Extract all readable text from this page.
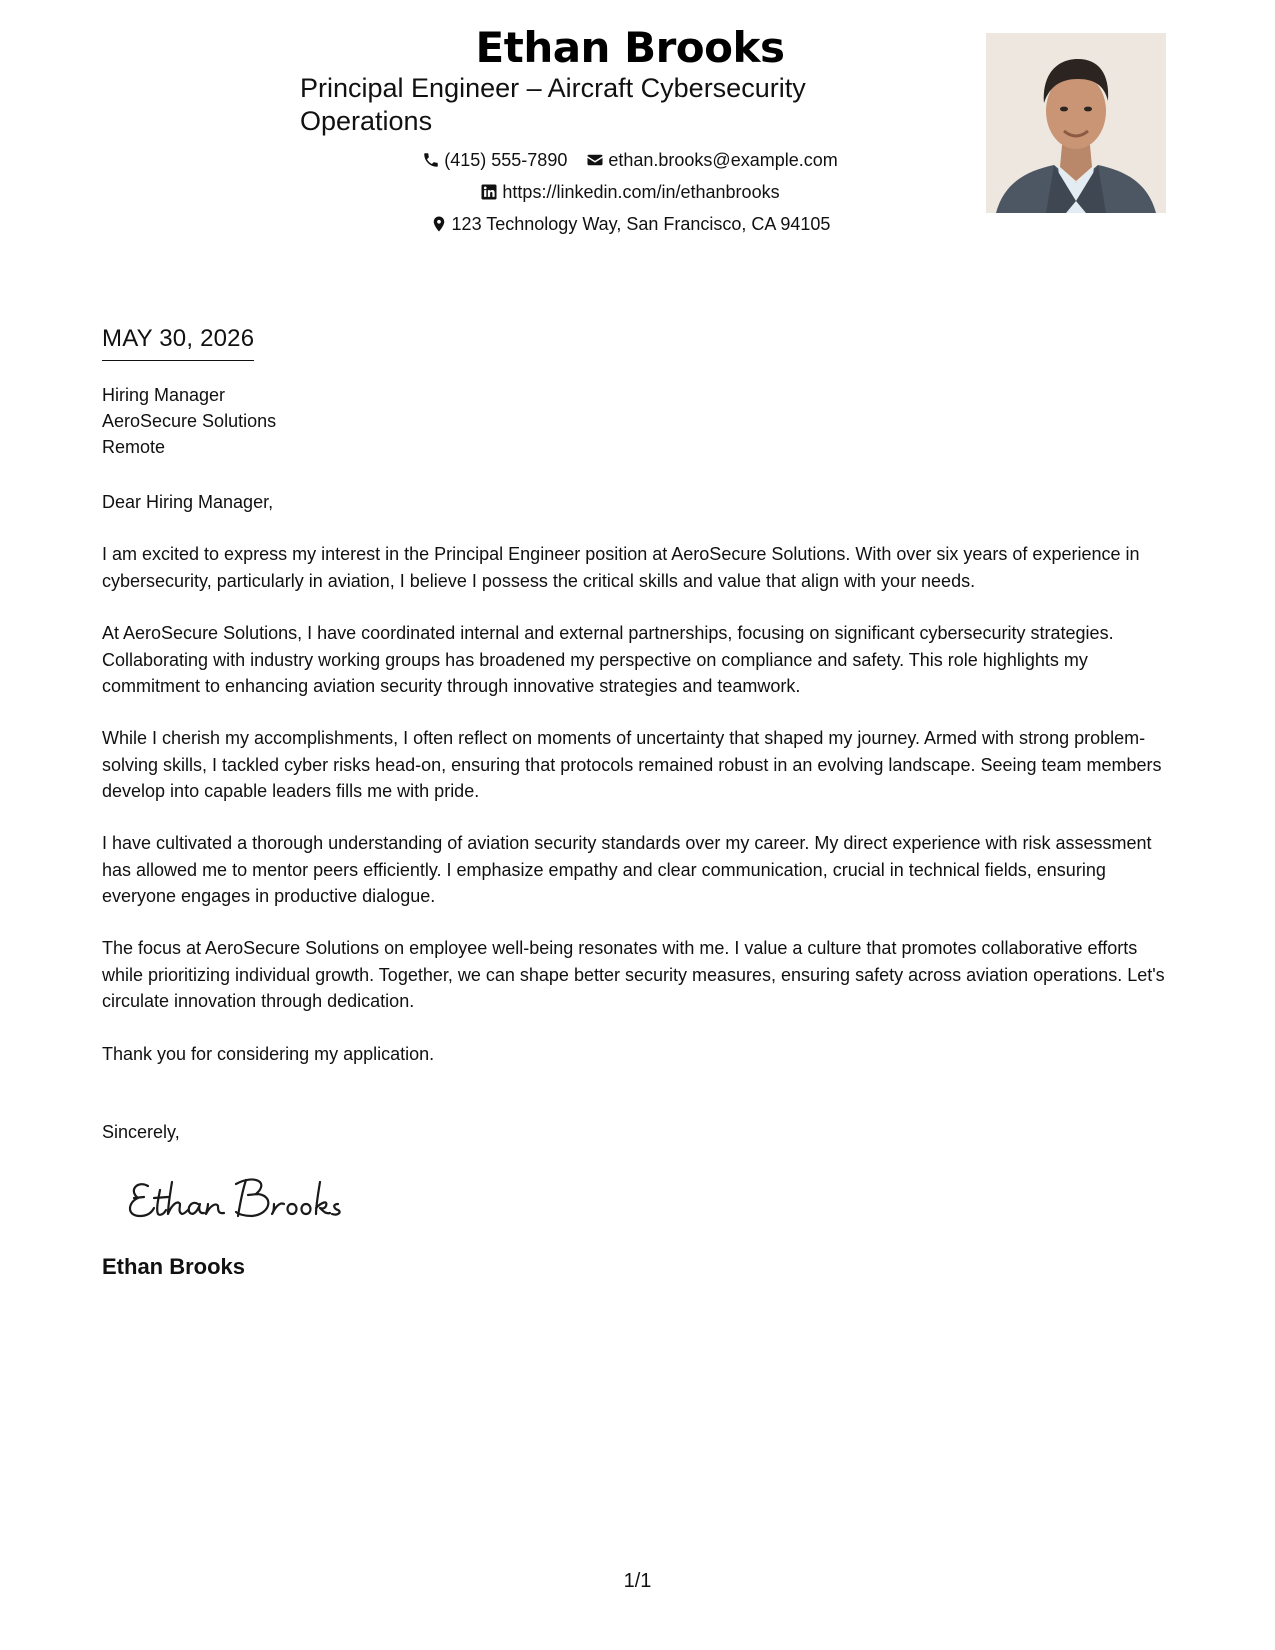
Ethan Brooks
Principal Engineer – Aircraft Cybersecurity Operations
(415) 555-7890
ethan.brooks@example.com
https://linkedin.com/in/ethanbrooks
123 Technology Way, San Francisco, CA 94105
MAY 30, 2026
Hiring Manager
AeroSecure Solutions
Remote
Dear Hiring Manager,
I am excited to express my interest in the Principal Engineer position at AeroSecure Solutions. With over six years of experience in cybersecurity, particularly in aviation, I believe I possess the critical skills and value that align with your needs.
At AeroSecure Solutions, I have coordinated internal and external partnerships, focusing on significant cybersecurity strategies. Collaborating with industry working groups has broadened my perspective on compliance and safety. This role highlights my commitment to enhancing aviation security through innovative strategies and teamwork.
While I cherish my accomplishments, I often reflect on moments of uncertainty that shaped my journey. Armed with strong problem-solving skills, I tackled cyber risks head-on, ensuring that protocols remained robust in an evolving landscape. Seeing team members develop into capable leaders fills me with pride.
I have cultivated a thorough understanding of aviation security standards over my career. My direct experience with risk assessment has allowed me to mentor peers efficiently. I emphasize empathy and clear communication, crucial in technical fields, ensuring everyone engages in productive dialogue.
The focus at AeroSecure Solutions on employee well-being resonates with me. I value a culture that promotes collaborative efforts while prioritizing individual growth. Together, we can shape better security measures, ensuring safety across aviation operations. Let's circulate innovation through dedication.
Thank you for considering my application.
Sincerely,
Ethan Brooks
1/1
